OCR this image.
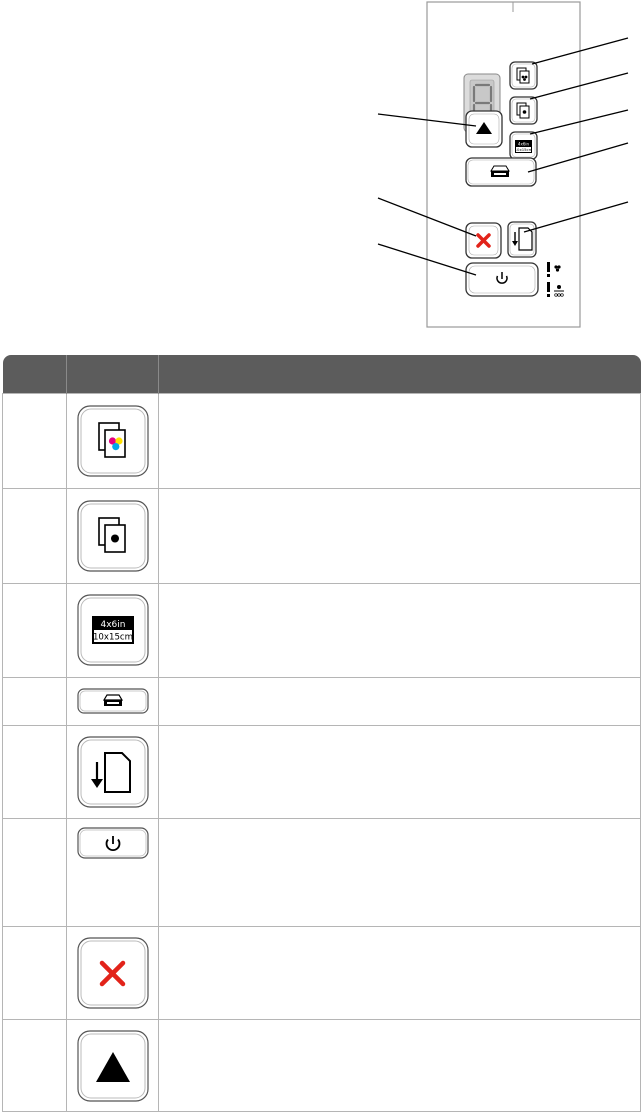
4x6in
10x15cm

4x6in
10x15cm	
